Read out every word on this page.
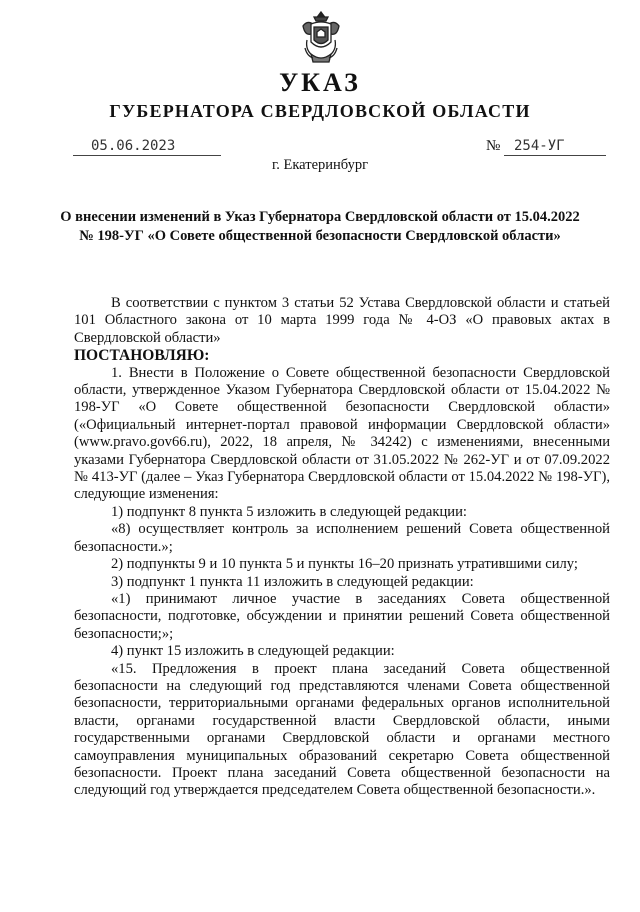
УКАЗ
ГУБЕРНАТОРА СВЕРДЛОВСКОЙ ОБЛАСТИ
05.06.2023	№ 254-УГ
г. Екатеринбург
О внесении изменений в Указ Губернатора Свердловской области от 15.04.2022 № 198-УГ «О Совете общественной безопасности Свердловской области»

В соответствии с пунктом 3 статьи 52 Устава Свердловской области и статьей 101 Областного закона от 10 марта 1999 года № 4-ОЗ «О правовых актах в Свердловской области»

ПОСТАНОВЛЯЮ:

1. Внести в Положение о Совете общественной безопасности Свердловской области, утвержденное Указом Губернатора Свердловской области от 15.04.2022 № 198-УГ «О Совете общественной безопасности Свердловской области» («Официальный интернет-портал правовой информации Свердловской области» (www.pravo.gov66.ru), 2022, 18 апреля, № 34242) с изменениями, внесенными указами Губернатора Свердловской области от 31.05.2022 № 262-УГ и от 07.09.2022 № 413-УГ (далее – Указ Губернатора Свердловской области от 15.04.2022 № 198-УГ), следующие изменения:

1) подпункт 8 пункта 5 изложить в следующей редакции:

«8) осуществляет контроль за исполнением решений Совета общественной безопасности.»;

2) подпункты 9 и 10 пункта 5 и пункты 16–20 признать утратившими силу;

3) подпункт 1 пункта 11 изложить в следующей редакции:

«1) принимают личное участие в заседаниях Совета общественной безопасности, подготовке, обсуждении и принятии решений Совета общественной безопасности;»;

4) пункт 15 изложить в следующей редакции:

«15. Предложения в проект плана заседаний Совета общественной безопасности на следующий год представляются членами Совета общественной безопасности, территориальными органами федеральных органов исполнительной власти, органами государственной власти Свердловской области, иными государственными органами Свердловской области и органами местного самоуправления муниципальных образований секретарю Совета общественной безопасности. Проект плана заседаний Совета общественной безопасности на следующий год утверждается председателем Совета общественной безопасности.».
